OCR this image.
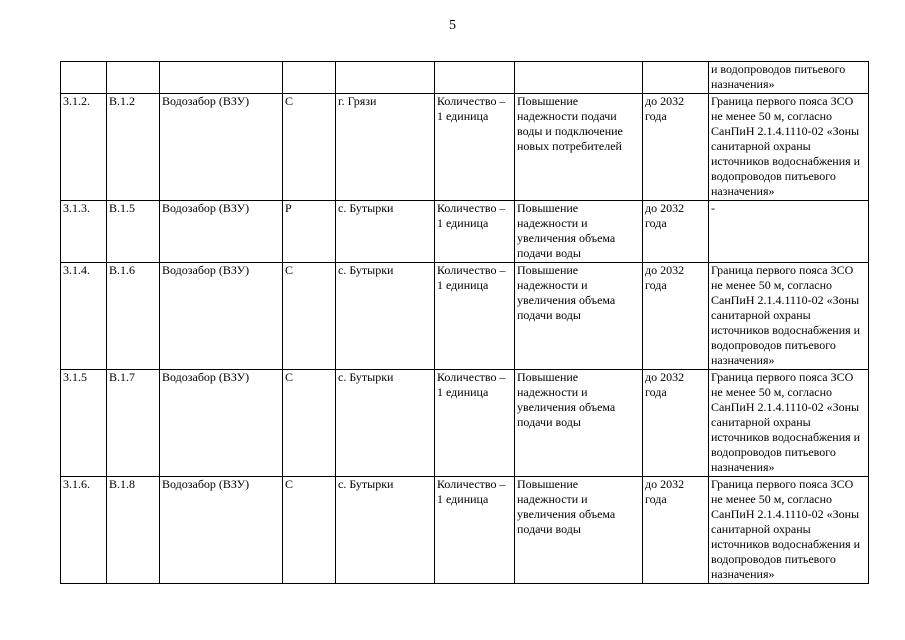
5

								и водопроводов питьевого назначения»

3.1.2.	В.1.2	Водозабор (ВЗУ)	С	г. Грязи	Количество – 1 единица	Повышение надежности подачи воды и подключение новых потребителей	до 2032 года	Граница первого пояса ЗСО не менее 50 м, согласно СанПиН 2.1.4.1110-02 «Зоны санитарной охраны источников водоснабжения и водопроводов питьевого назначения»

3.1.3.	В.1.5	Водозабор (ВЗУ)	Р	с. Бутырки	Количество – 1 единица	Повышение надежности и увеличения объема подачи воды	до 2032 года	-

3.1.4.	В.1.6	Водозабор (ВЗУ)	С	с. Бутырки	Количество – 1 единица	Повышение надежности и увеличения объема подачи воды	до 2032 года	Граница первого пояса ЗСО не менее 50 м, согласно СанПиН 2.1.4.1110-02 «Зоны санитарной охраны источников водоснабжения и водопроводов питьевого назначения»

3.1.5	В.1.7	Водозабор (ВЗУ)	С	с. Бутырки	Количество – 1 единица	Повышение надежности и увеличения объема подачи воды	до 2032 года	Граница первого пояса ЗСО не менее 50 м, согласно СанПиН 2.1.4.1110-02 «Зоны санитарной охраны источников водоснабжения и водопроводов питьевого назначения»

3.1.6.	В.1.8	Водозабор (ВЗУ)	С	с. Бутырки	Количество – 1 единица	Повышение надежности и увеличения объема подачи воды	до 2032 года	Граница первого пояса ЗСО не менее 50 м, согласно СанПиН 2.1.4.1110-02 «Зоны санитарной охраны источников водоснабжения и водопроводов питьевого назначения»
